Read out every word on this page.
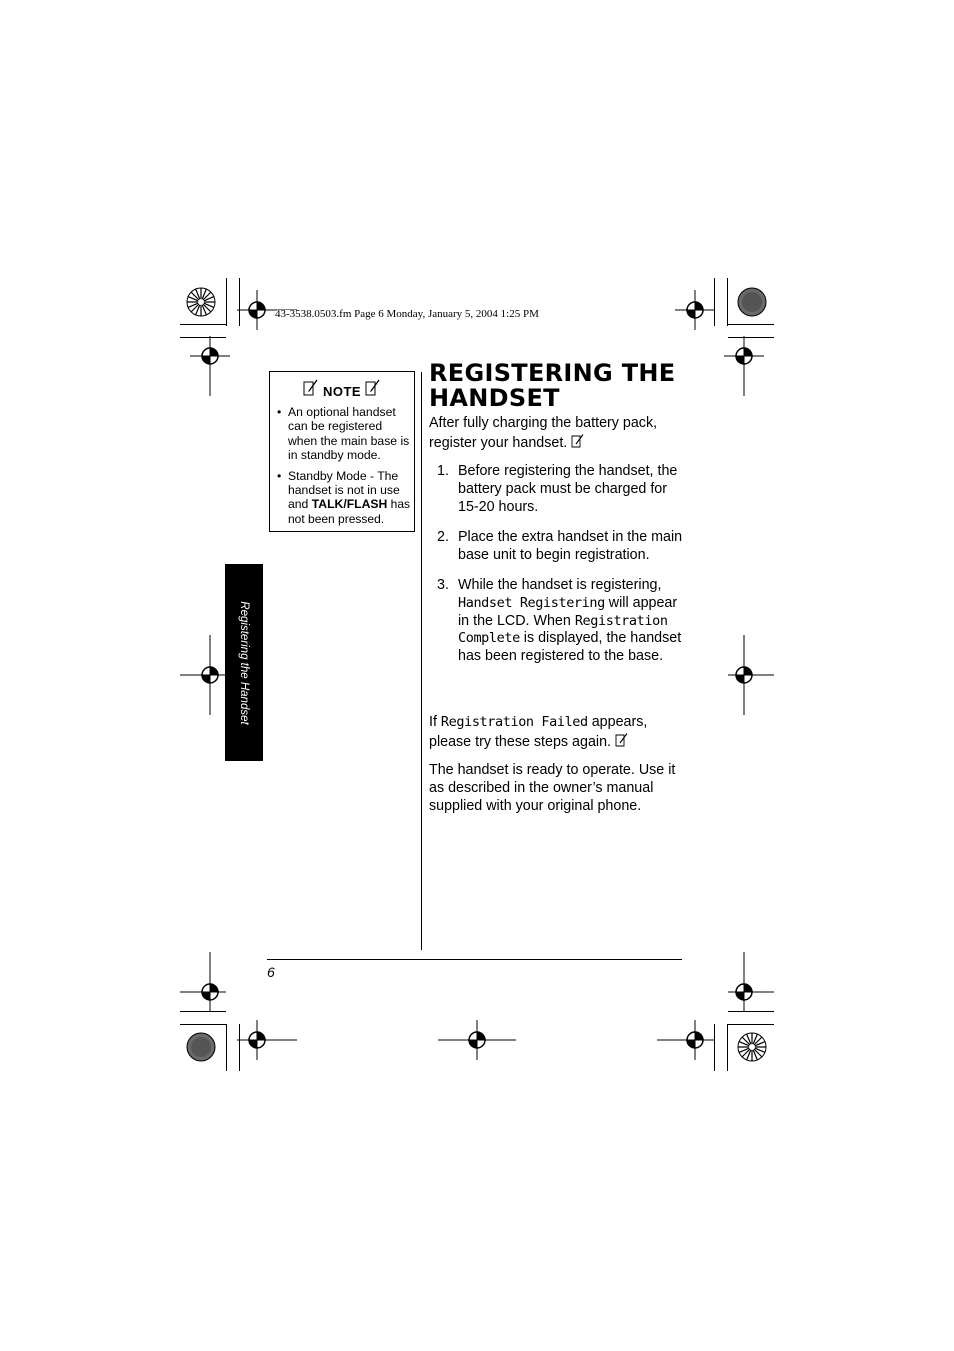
43-3538.0503.fm Page 6 Monday, January 5, 2004 1:25 PM
NOTE
• An optional handset can be registered when the main base is in standby mode.
• Standby Mode - The handset is not in use and TALK/FLASH has not been pressed.
Registering the Handset
6
REGISTERING THE HANDSET
After fully charging the battery pack, register your handset.
1. Before registering the handset, the battery pack must be charged for 15-20 hours.
2. Place the extra handset in the main base unit to begin registration.
3. While the handset is registering, Handset Registering will appear in the LCD. When Registration Complete is displayed, the handset has been registered to the base.
If Registration Failed appears, please try these steps again.
The handset is ready to operate. Use it as described in the owner’s manual supplied with your original phone.
